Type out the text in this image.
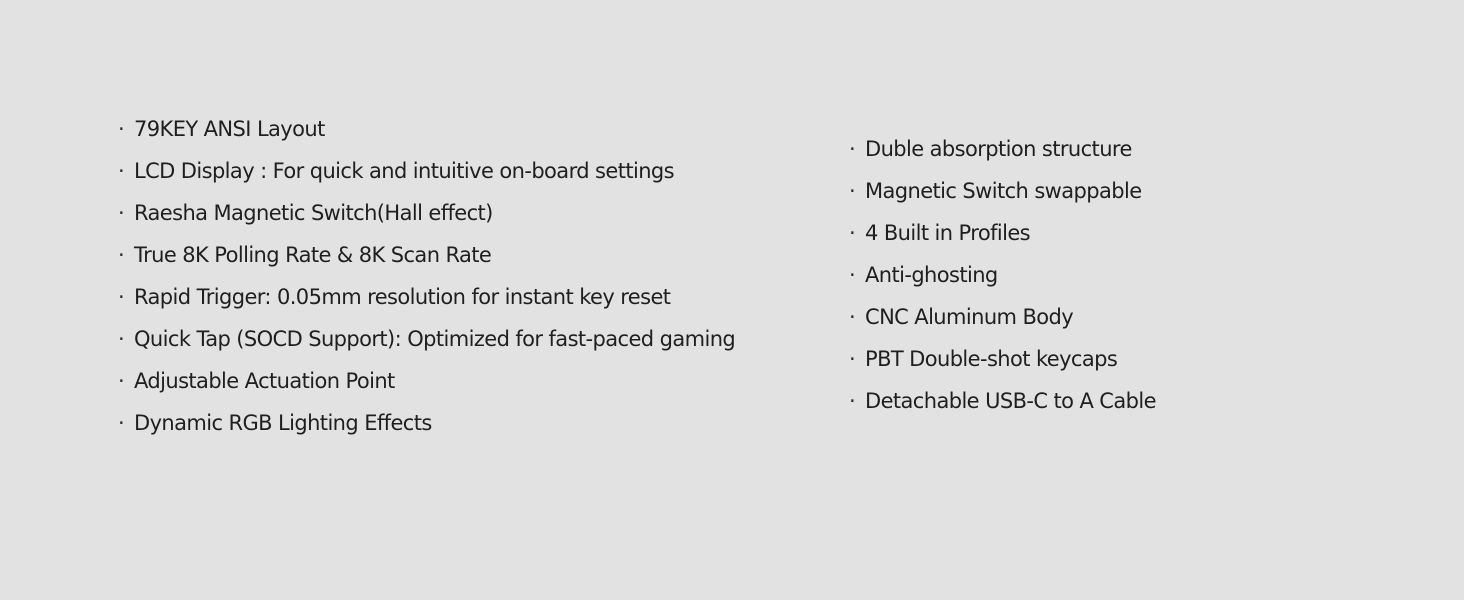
· 79KEY ANSI Layout
· LCD Display : For quick and intuitive on-board settings
· Raesha Magnetic Switch(Hall effect)
· True 8K Polling Rate & 8K Scan Rate
· Rapid Trigger: 0.05mm resolution for instant key reset
· Quick Tap (SOCD Support): Optimized for fast-paced gaming
· Adjustable Actuation Point
· Dynamic RGB Lighting Effects
· Duble absorption structure
· Magnetic Switch swappable
· 4 Built in Profiles
· Anti-ghosting
· CNC Aluminum Body
· PBT Double-shot keycaps
· Detachable USB-C to A Cable
